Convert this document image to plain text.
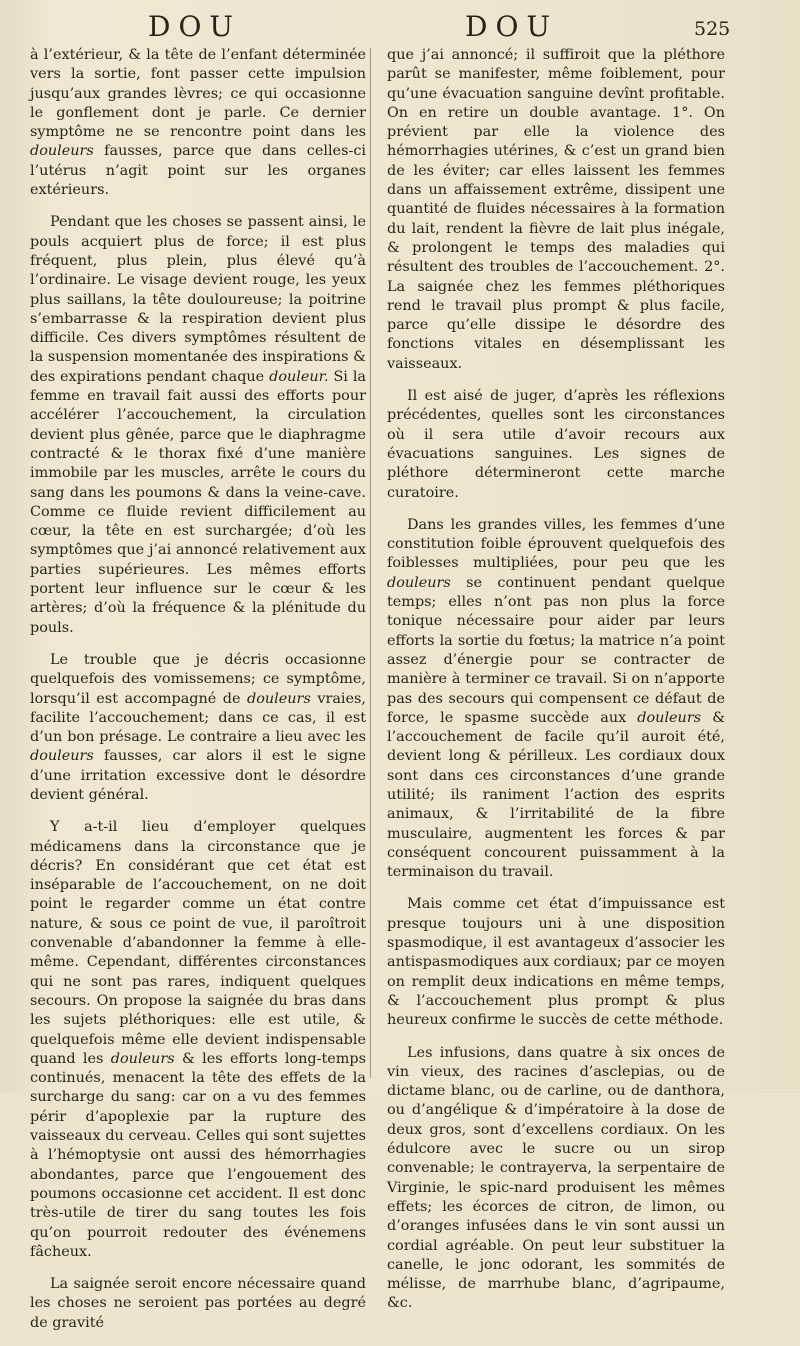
DOU	DOU	525

à l’extérieur, & la tête de l’enfant déterminée vers la sortie, font passer cette impulsion jusqu’aux grandes lèvres; ce qui occasionne le gonflement dont je parle. Ce dernier symptôme ne se rencontre point dans les douleurs fausses, parce que dans celles-ci l’utérus n’agit point sur les organes extérieurs.

Pendant que les choses se passent ainsi, le pouls acquiert plus de force; il est plus fréquent, plus plein, plus élevé qu’à l’ordinaire. Le visage devient rouge, les yeux plus saillans, la tête douloureuse; la poitrine s’embarrasse & la respiration devient plus difficile. Ces divers symptômes résultent de la suspension momentanée des inspirations & des expirations pendant chaque douleur. Si la femme en travail fait aussi des efforts pour accélérer l’accouchement, la circulation devient plus gênée, parce que le diaphragme contracté & le thorax fixé d’une manière immobile par les muscles, arrête le cours du sang dans les poumons & dans la veine-cave. Comme ce fluide revient difficilement au cœur, la tête en est surchargée; d’où les symptômes que j’ai annoncé relativement aux parties supérieures. Les mêmes efforts portent leur influence sur le cœur & les artères; d’où la fréquence & la plénitude du pouls.

Le trouble que je décris occasionne quelquefois des vomissemens; ce symptôme, lorsqu’il est accompagné de douleurs vraies, facilite l’accouchement; dans ce cas, il est d’un bon présage. Le contraire a lieu avec les douleurs fausses, car alors il est le signe d’une irritation excessive dont le désordre devient général.

Y a-t-il lieu d’employer quelques médicamens dans la circonstance que je décris? En considérant que cet état est inséparable de l’accouchement, on ne doit point le regarder comme un état contre nature, & sous ce point de vue, il paroîtroit convenable d’abandonner la femme à elle-même. Cependant, différentes circonstances qui ne sont pas rares, indiquent quelques secours. On propose la saignée du bras dans les sujets pléthoriques: elle est utile, & quelquefois même elle devient indispensable quand les douleurs & les efforts long-temps continués, menacent la tête des effets de la surcharge du sang: car on a vu des femmes périr d’apoplexie par la rupture des vaisseaux du cerveau. Celles qui sont sujettes à l’hémoptysie ont aussi des hémorrhagies abondantes, parce que l’engouement des poumons occasionne cet accident. Il est donc très-utile de tirer du sang toutes les fois qu’on pourroit redouter des événemens fâcheux.

La saignée seroit encore nécessaire quand les choses ne seroient pas portées au degré de gravité

que j’ai annoncé; il suffiroit que la pléthore parût se manifester, même foiblement, pour qu’une évacuation sanguine devînt profitable. On en retire un double avantage. 1°. On prévient par elle la violence des hémorrhagies utérines, & c’est un grand bien de les éviter; car elles laissent les femmes dans un affaissement extrême, dissipent une quantité de fluides nécessaires à la formation du lait, rendent la fièvre de lait plus inégale, & prolongent le temps des maladies qui résultent des troubles de l’accouchement. 2°. La saignée chez les femmes pléthoriques rend le travail plus prompt & plus facile, parce qu’elle dissipe le désordre des fonctions vitales en désemplissant les vaisseaux.

Il est aisé de juger, d’après les réflexions précédentes, quelles sont les circonstances où il sera utile d’avoir recours aux évacuations sanguines. Les signes de pléthore détermineront cette marche curatoire.

Dans les grandes villes, les femmes d’une constitution foible éprouvent quelquefois des foiblesses multipliées, pour peu que les douleurs se continuent pendant quelque temps; elles n’ont pas non plus la force tonique nécessaire pour aider par leurs efforts la sortie du fœtus; la matrice n’a point assez d’énergie pour se contracter de manière à terminer ce travail. Si on n’apporte pas des secours qui compensent ce défaut de force, le spasme succède aux douleurs & l’accouchement de facile qu’il auroit été, devient long & périlleux. Les cordiaux doux sont dans ces circonstances d’une grande utilité; ils raniment l’action des esprits animaux, & l’irritabilité de la fibre musculaire, augmentent les forces & par conséquent concourent puissamment à la terminaison du travail.

Mais comme cet état d’impuissance est presque toujours uni à une disposition spasmodique, il est avantageux d’associer les antispasmodiques aux cordiaux; par ce moyen on remplit deux indications en même temps, & l’accouchement plus prompt & plus heureux confirme le succès de cette méthode.

Les infusions, dans quatre à six onces de vin vieux, des racines d’asclepias, ou de dictame blanc, ou de carline, ou de danthora, ou d’angélique & d’impératoire à la dose de deux gros, sont d’excellens cordiaux. On les édulcore avec le sucre ou un sirop convenable; le contrayerva, la serpentaire de Virginie, le spic-nard produisent les mêmes effets; les écorces de citron, de limon, ou d’oranges infusées dans le vin sont aussi un cordial agréable. On peut leur substituer la canelle, le jonc odorant, les sommités de mélisse, de marrhube blanc, d’agripaume, &c.
